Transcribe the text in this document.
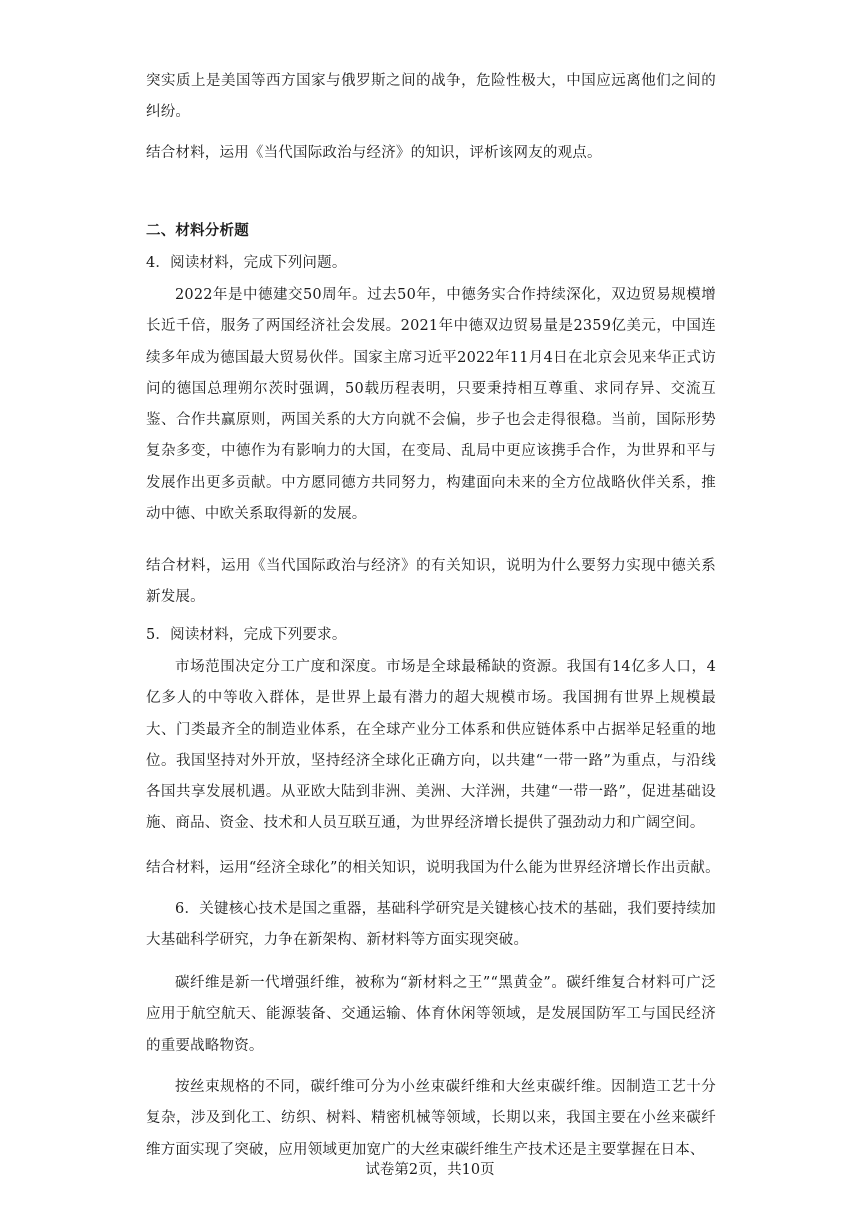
突实质上是美国等西方国家与俄罗斯之间的战争，危险性极大，中国应远离他们之间的纠纷。
结合材料，运用《当代国际政治与经济》的知识，评析该网友的观点。
二、材料分析题
4．阅读材料，完成下列问题。
2022年是中德建交50周年。过去50年，中德务实合作持续深化，双边贸易规模增长近千倍，服务了两国经济社会发展。2021年中德双边贸易量是2359亿美元，中国连续多年成为德国最大贸易伙伴。国家主席习近平2022年11月4日在北京会见来华正式访问的德国总理朔尔茨时强调，50载历程表明，只要秉持相互尊重、求同存异、交流互鉴、合作共赢原则，两国关系的大方向就不会偏，步子也会走得很稳。当前，国际形势复杂多变，中德作为有影响力的大国，在变局、乱局中更应该携手合作，为世界和平与发展作出更多贡献。中方愿同德方共同努力，构建面向未来的全方位战略伙伴关系，推动中德、中欧关系取得新的发展。
结合材料，运用《当代国际政治与经济》的有关知识，说明为什么要努力实现中德关系新发展。
5．阅读材料，完成下列要求。
市场范围决定分工广度和深度。市场是全球最稀缺的资源。我国有14亿多人口，4亿多人的中等收入群体，是世界上最有潜力的超大规模市场。我国拥有世界上规模最大、门类最齐全的制造业体系，在全球产业分工体系和供应链体系中占据举足轻重的地位。我国坚持对外开放，坚持经济全球化正确方向，以共建“一带一路”为重点，与沿线各国共享发展机遇。从亚欧大陆到非洲、美洲、大洋洲，共建“一带一路”，促进基础设施、商品、资金、技术和人员互联互通，为世界经济增长提供了强劲动力和广阔空间。
结合材料，运用“经济全球化”的相关知识，说明我国为什么能为世界经济增长作出贡献。
6．关键核心技术是国之重器，基础科学研究是关键核心技术的基础，我们要持续加大基础科学研究，力争在新架构、新材料等方面实现突破。
碳纤维是新一代增强纤维，被称为“新材料之王”“黑黄金”。碳纤维复合材料可广泛应用于航空航天、能源装备、交通运输、体育休闲等领域，是发展国防军工与国民经济的重要战略物资。
按丝束规格的不同，碳纤维可分为小丝束碳纤维和大丝束碳纤维。因制造工艺十分复杂，涉及到化工、纺织、树料、精密机械等领域，长期以来，我国主要在小丝来碳纤维方面实现了突破，应用领域更加宽广的大丝束碳纤维生产技术还是主要掌握在日本、
试卷第2页，共10页
